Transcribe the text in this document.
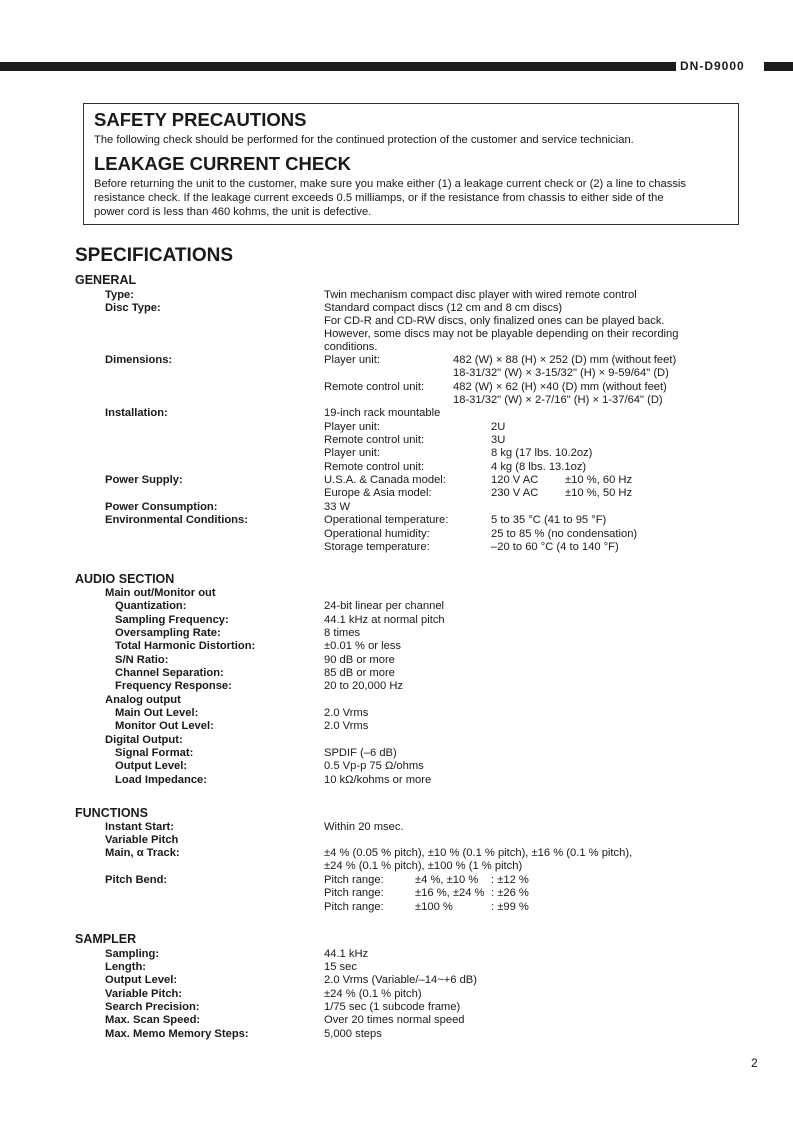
DN-D9000
SAFETY PRECAUTIONS
The following check should be performed for the continued protection of the customer and service technician.
LEAKAGE CURRENT CHECK
Before returning the unit to the customer, make sure you make either (1) a leakage current check or (2) a line to chassis
resistance check. If the leakage current exceeds 0.5 milliamps, or if the resistance from chassis to either side of the
power cord is less than 460 kohms, the unit is defective.
SPECIFICATIONS
GENERAL
Type:	Twin mechanism compact disc player with wired remote control
Disc Type:	Standard compact discs (12 cm and 8 cm discs)
For CD-R and CD-RW discs, only finalized ones can be played back.
However, some discs may not be playable depending on their recording
conditions.
Dimensions:	Player unit:	482 (W) × 88 (H) × 252 (D) mm (without feet)
18-31/32" (W) × 3-15/32" (H) × 9-59/64" (D)
Remote control unit:	482 (W) × 62 (H) ×40 (D) mm (without feet)
18-31/32" (W) × 2-7/16" (H) × 1-37/64" (D)
Installation:	19-inch rack mountable
Player unit:	2U
Remote control unit:	3U
Player unit:	8 kg (17 lbs. 10.2oz)
Remote control unit:	4 kg (8 lbs. 13.1oz)
Power Supply:	U.S.A. & Canada model:	120 V AC ±10 %, 60 Hz
Europe & Asia model:	230 V AC ±10 %, 50 Hz
Power Consumption:	33 W
Environmental Conditions:	Operational temperature:	5 to 35 °C (41 to 95 °F)
Operational humidity:	25 to 85 % (no condensation)
Storage temperature:	–20 to 60 °C (4 to 140 °F)
AUDIO SECTION
Main out/Monitor out
Quantization:	24-bit linear per channel
Sampling Frequency:	44.1 kHz at normal pitch
Oversampling Rate:	8 times
Total Harmonic Distortion:	±0.01 % or less
S/N Ratio:	90 dB or more
Channel Separation:	85 dB or more
Frequency Response:	20 to 20,000 Hz
Analog output
Main Out Level:	2.0 Vrms
Monitor Out Level:	2.0 Vrms
Digital Output:
Signal Format:	SPDIF (–6 dB)
Output Level:	0.5 Vp-p 75 Ω/ohms
Load Impedance:	10 kΩ/kohms or more
FUNCTIONS
Instant Start:	Within 20 msec.
Variable Pitch
Main, α Track:	±4 % (0.05 % pitch), ±10 % (0.1 % pitch), ±16 % (0.1 % pitch),
±24 % (0.1 % pitch), ±100 % (1 % pitch)
Pitch Bend:	Pitch range:	±4 %, ±10 % : ±12 %
Pitch range:	±16 %, ±24 % : ±26 %
Pitch range:	±100 %	: ±99 %
SAMPLER
Sampling:	44.1 kHz
Length:	15 sec
Output Level:	2.0 Vrms (Variable/–14~+6 dB)
Variable Pitch:	±24 % (0.1 % pitch)
Search Precision:	1/75 sec (1 subcode frame)
Max. Scan Speed:	Over 20 times normal speed
Max. Memo Memory Steps:	5,000 steps
2
